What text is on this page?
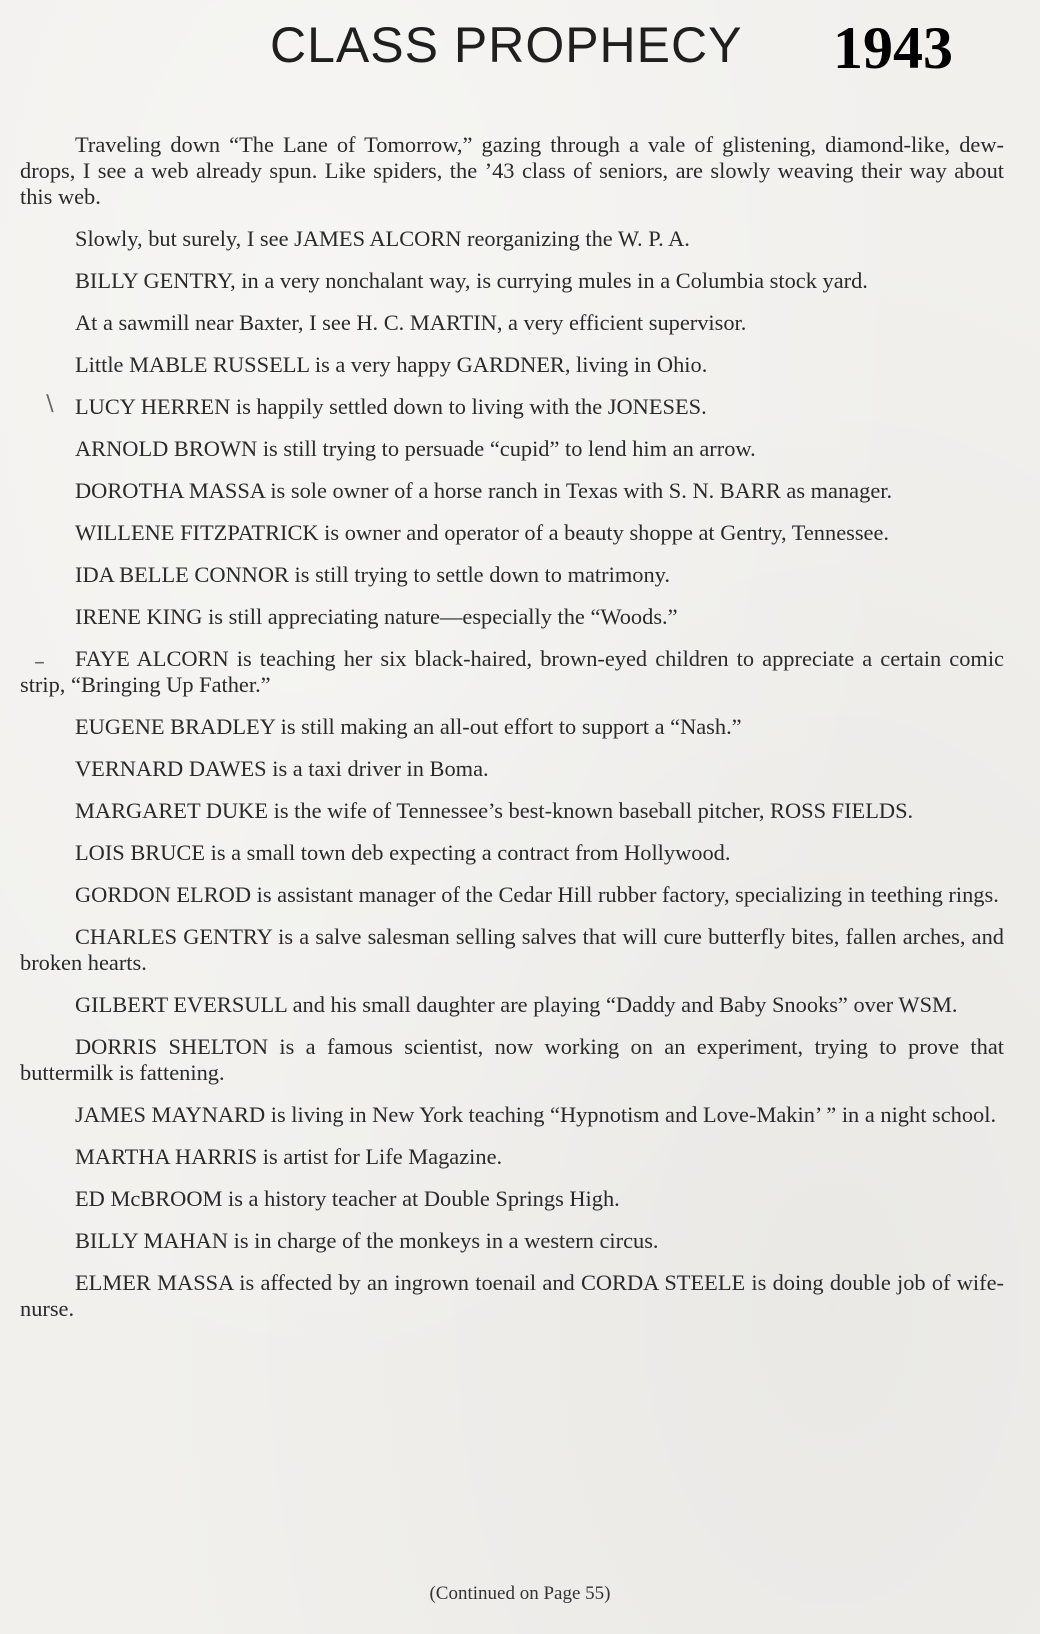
CLASS PROPHECY 1943
∖
–

Traveling down “The Lane of Tomorrow,” gazing through a vale of glistening, diamond-like, dew-drops, I see a web already spun. Like spiders, the ’43 class of seniors, are slowly weaving their way about this web.

Slowly, but surely, I see JAMES ALCORN reorganizing the W. P. A.

BILLY GENTRY, in a very nonchalant way, is currying mules in a Columbia stock yard.

At a sawmill near Baxter, I see H. C. MARTIN, a very efficient supervisor.

Little MABLE RUSSELL is a very happy GARDNER, living in Ohio.

LUCY HERREN is happily settled down to living with the JONESES.

ARNOLD BROWN is still trying to persuade “cupid” to lend him an arrow.

DOROTHA MASSA is sole owner of a horse ranch in Texas with S. N. BARR as manager.

WILLENE FITZPATRICK is owner and operator of a beauty shoppe at Gentry, Tennessee.

IDA BELLE CONNOR is still trying to settle down to matrimony.

IRENE KING is still appreciating nature—especially the “Woods.”

FAYE ALCORN is teaching her six black-haired, brown-eyed children to appreciate a certain comic strip, “Bringing Up Father.”

EUGENE BRADLEY is still making an all-out effort to support a “Nash.”

VERNARD DAWES is a taxi driver in Boma.

MARGARET DUKE is the wife of Tennessee’s best-known baseball pitcher, ROSS FIELDS.

LOIS BRUCE is a small town deb expecting a contract from Hollywood.

GORDON ELROD is assistant manager of the Cedar Hill rubber factory, specializing in teething rings.

CHARLES GENTRY is a salve salesman selling salves that will cure butterfly bites, fallen arches, and broken hearts.

GILBERT EVERSULL and his small daughter are playing “Daddy and Baby Snooks” over WSM.

DORRIS SHELTON is a famous scientist, now working on an experiment, trying to prove that buttermilk is fattening.

JAMES MAYNARD is living in New York teaching “Hypnotism and Love-Makin’ ” in a night school.

MARTHA HARRIS is artist for Life Magazine.

ED McBROOM is a history teacher at Double Springs High.

BILLY MAHAN is in charge of the monkeys in a western circus.

ELMER MASSA is affected by an ingrown toenail and CORDA STEELE is doing double job of wife-nurse.

(Continued on Page 55)
